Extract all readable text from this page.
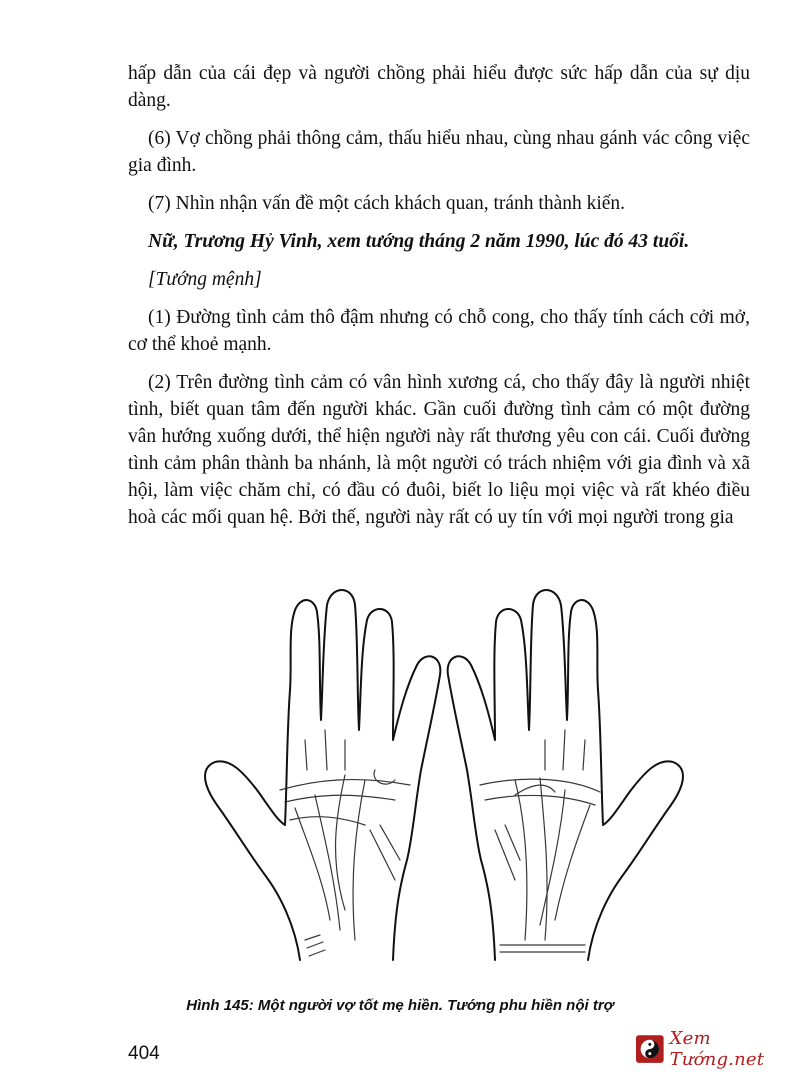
hấp dẫn của cái đẹp và người chồng phải hiểu được sức hấp dẫn của sự dịu dàng.

(6) Vợ chồng phải thông cảm, thấu hiểu nhau, cùng nhau gánh vác công việc gia đình.

(7) Nhìn nhận vấn đề một cách khách quan, tránh thành kiến.

Nữ, Trương Hỷ Vinh, xem tướng tháng 2 năm 1990, lúc đó 43 tuổi.

[Tướng mệnh]

(1) Đường tình cảm thô đậm nhưng có chỗ cong, cho thấy tính cách cởi mở, cơ thể khoẻ mạnh.

(2) Trên đường tình cảm có vân hình xương cá, cho thấy đây là người nhiệt tình, biết quan tâm đến người khác. Gần cuối đường tình cảm có một đường vân hướng xuống dưới, thể hiện người này rất thương yêu con cái. Cuối đường tình cảm phân thành ba nhánh, là một người có trách nhiệm với gia đình và xã hội, làm việc chăm chỉ, có đầu có đuôi, biết lo liệu mọi việc và rất khéo điều hoà các mối quan hệ. Bởi thế, người này rất có uy tín với mọi người trong gia

Hình 145: Một người vợ tốt mẹ hiền. Tướng phu hiền nội trợ
404
Xem Tướng.net
